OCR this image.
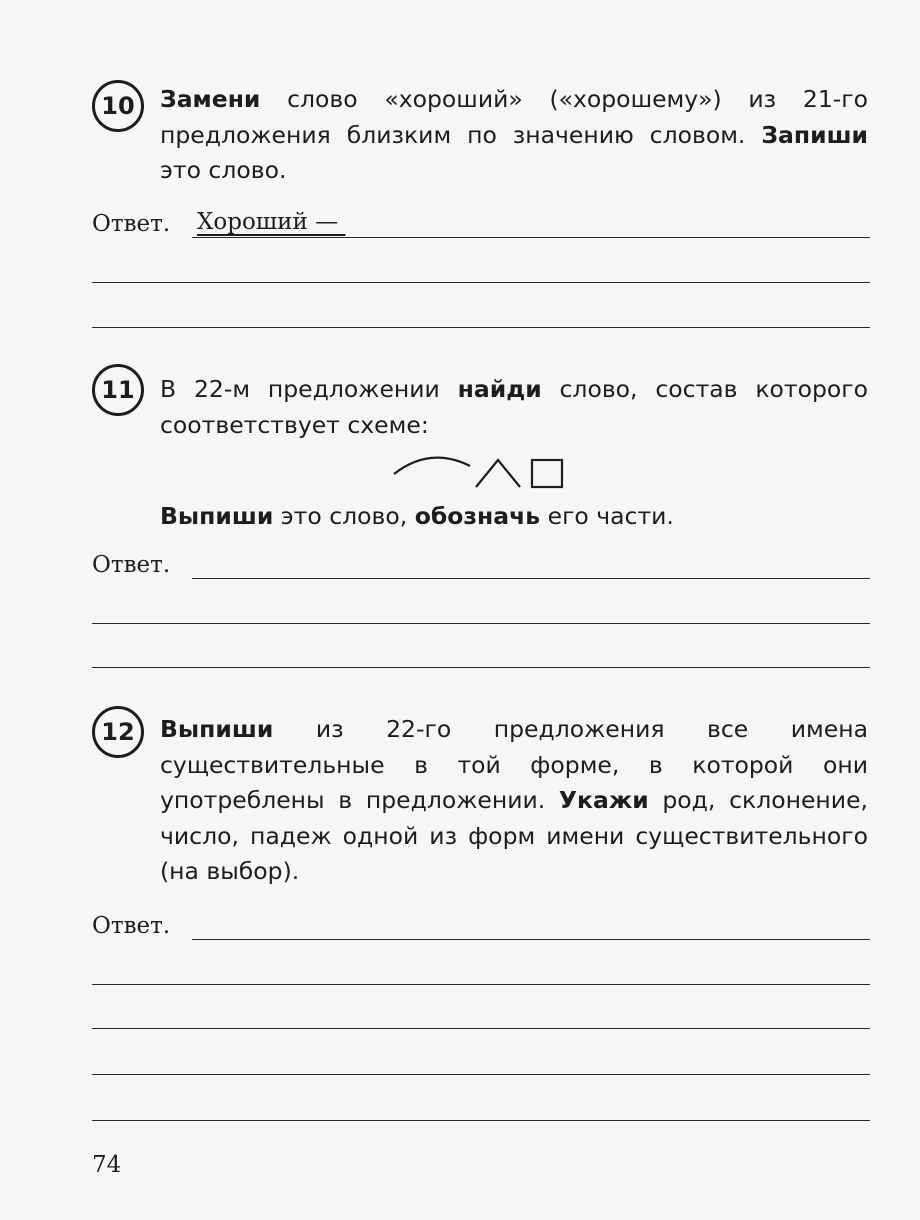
10 Замени слово «хороший» («хорошему») из 21-го предложения близким по значению словом. Запиши это слово.

Ответ. Хороший —
11 В 22-м предложении найди слово, состав которого соответствует схеме:

Выпиши это слово, обозначь его части.

Ответ.
12 Выпиши из 22-го предложения все имена существительные в той форме, в которой они употреблены в предложении. Укажи род, склонение, число, падеж одной из форм имени существительного (на выбор).

Ответ.
74
